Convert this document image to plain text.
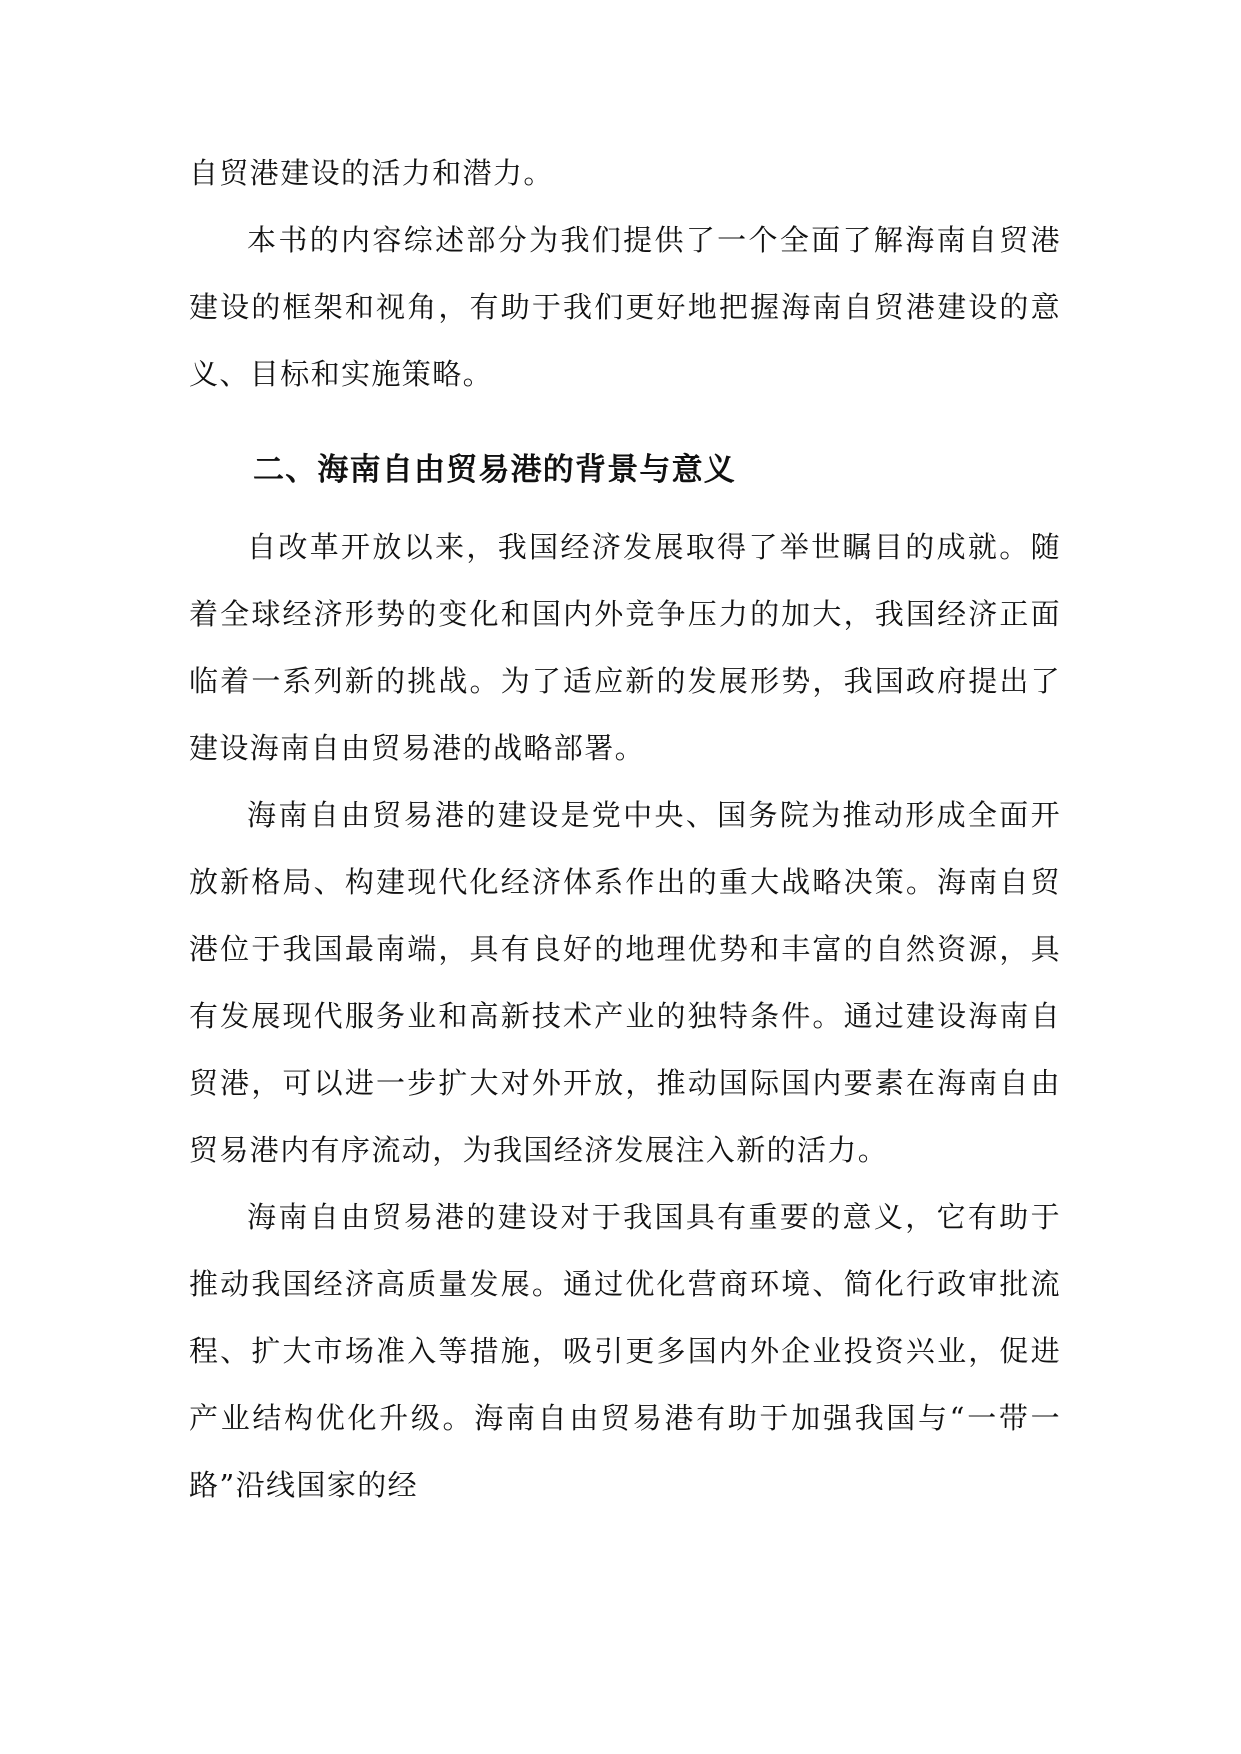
自贸港建设的活力和潜力。

本书的内容综述部分为我们提供了一个全面了解海南自贸港建设的框架和视角，有助于我们更好地把握海南自贸港建设的意义、目标和实施策略。

二、海南自由贸易港的背景与意义

自改革开放以来，我国经济发展取得了举世瞩目的成就。随着全球经济形势的变化和国内外竞争压力的加大，我国经济正面临着一系列新的挑战。为了适应新的发展形势，我国政府提出了建设海南自由贸易港的战略部署。

海南自由贸易港的建设是党中央、国务院为推动形成全面开放新格局、构建现代化经济体系作出的重大战略决策。海南自贸港位于我国最南端，具有良好的地理优势和丰富的自然资源，具有发展现代服务业和高新技术产业的独特条件。通过建设海南自贸港，可以进一步扩大对外开放，推动国际国内要素在海南自由贸易港内有序流动，为我国经济发展注入新的活力。

海南自由贸易港的建设对于我国具有重要的意义，它有助于推动我国经济高质量发展。通过优化营商环境、简化行政审批流程、扩大市场准入等措施，吸引更多国内外企业投资兴业，促进产业结构优化升级。海南自由贸易港有助于加强我国与“一带一路”沿线国家的经
